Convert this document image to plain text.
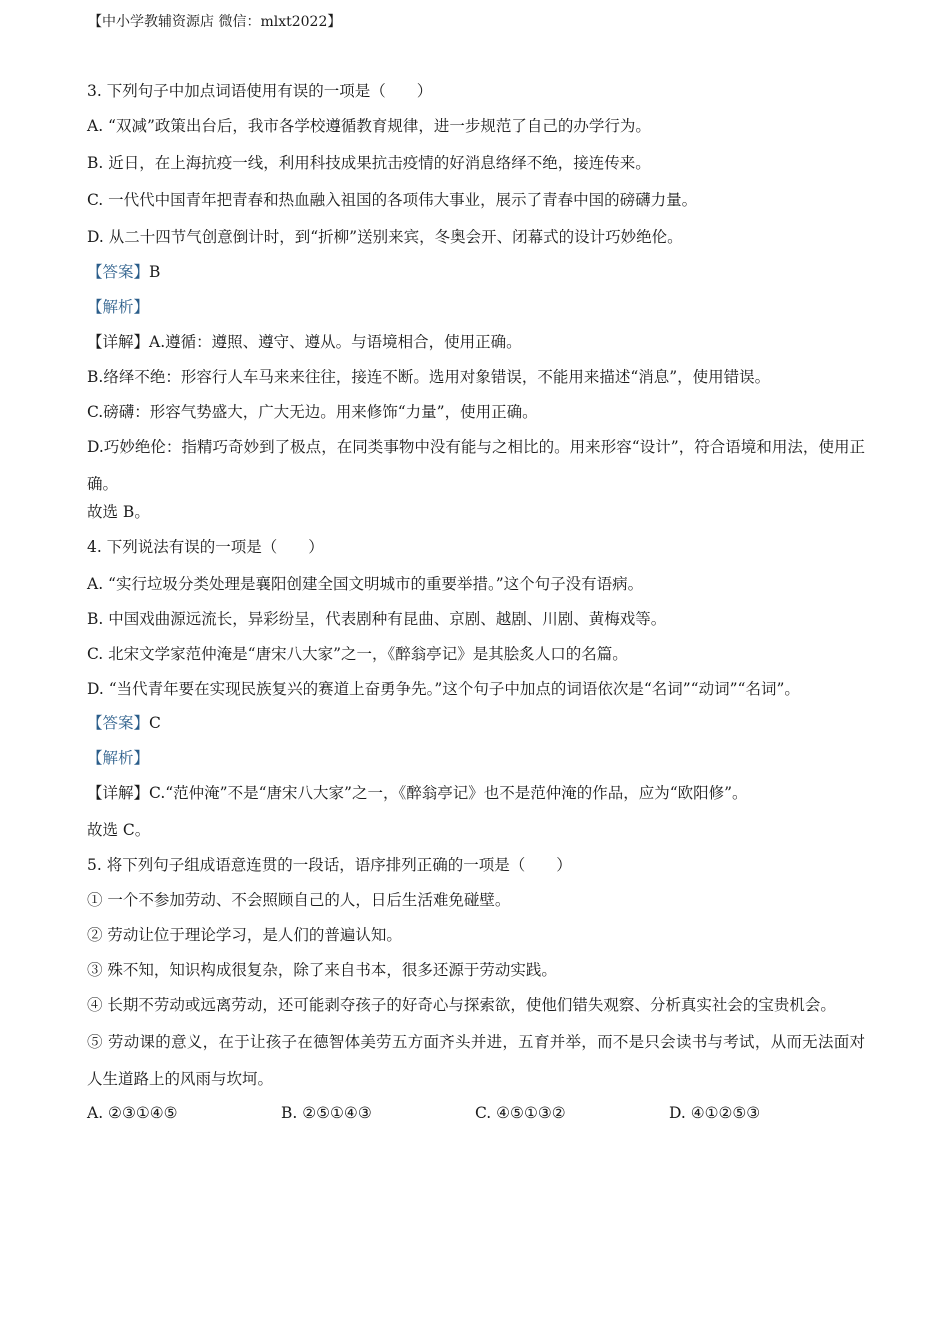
【中小学教辅资源店 微信：mlxt2022】

3. 下列句子中加点词语使用有误的一项是（　　）

A. “双减”政策出台后，我市各学校遵循教育规律，进一步规范了自己的办学行为。

B. 近日，在上海抗疫一线，利用科技成果抗击疫情的好消息络绎不绝，接连传来。

C. 一代代中国青年把青春和热血融入祖国的各项伟大事业，展示了青春中国的磅礴力量。

D. 从二十四节气创意倒计时，到“折柳”送别来宾，冬奥会开、闭幕式的设计巧妙绝伦。

【答案】B

【解析】

【详解】A.遵循：遵照、遵守、遵从。与语境相合，使用正确。

B.络绎不绝：形容行人车马来来往往，接连不断。选用对象错误，不能用来描述“消息”，使用错误。

C.磅礴：形容气势盛大，广大无边。用来修饰“力量”，使用正确。

D.巧妙绝伦：指精巧奇妙到了极点，在同类事物中没有能与之相比的。用来形容“设计”，符合语境和用法，使用正确。

故选 B。

4. 下列说法有误的一项是（　　）

A. “实行垃圾分类处理是襄阳创建全国文明城市的重要举措。”这个句子没有语病。

B. 中国戏曲源远流长，异彩纷呈，代表剧种有昆曲、京剧、越剧、川剧、黄梅戏等。

C. 北宋文学家范仲淹是“唐宋八大家”之一，《醉翁亭记》是其脍炙人口的名篇。

D. “当代青年要在实现民族复兴的赛道上奋勇争先。”这个句子中加点的词语依次是“名词”“动词”“名词”。

【答案】C

【解析】

【详解】C.“范仲淹”不是“唐宋八大家”之一，《醉翁亭记》也不是范仲淹的作品，应为“欧阳修”。

故选 C。

5. 将下列句子组成语意连贯的一段话，语序排列正确的一项是（　　）

① 一个不参加劳动、不会照顾自己的人，日后生活难免碰壁。

② 劳动让位于理论学习，是人们的普遍认知。

③ 殊不知，知识构成很复杂，除了来自书本，很多还源于劳动实践。

④ 长期不劳动或远离劳动，还可能剥夺孩子的好奇心与探索欲，使他们错失观察、分析真实社会的宝贵机会。

⑤ 劳动课的意义，在于让孩子在德智体美劳五方面齐头并进，五育并举，而不是只会读书与考试，从而无法面对人生道路上的风雨与坎坷。

A. ②③①④⑤	B. ②⑤①④③	C. ④⑤①③②	D. ④①②⑤③
